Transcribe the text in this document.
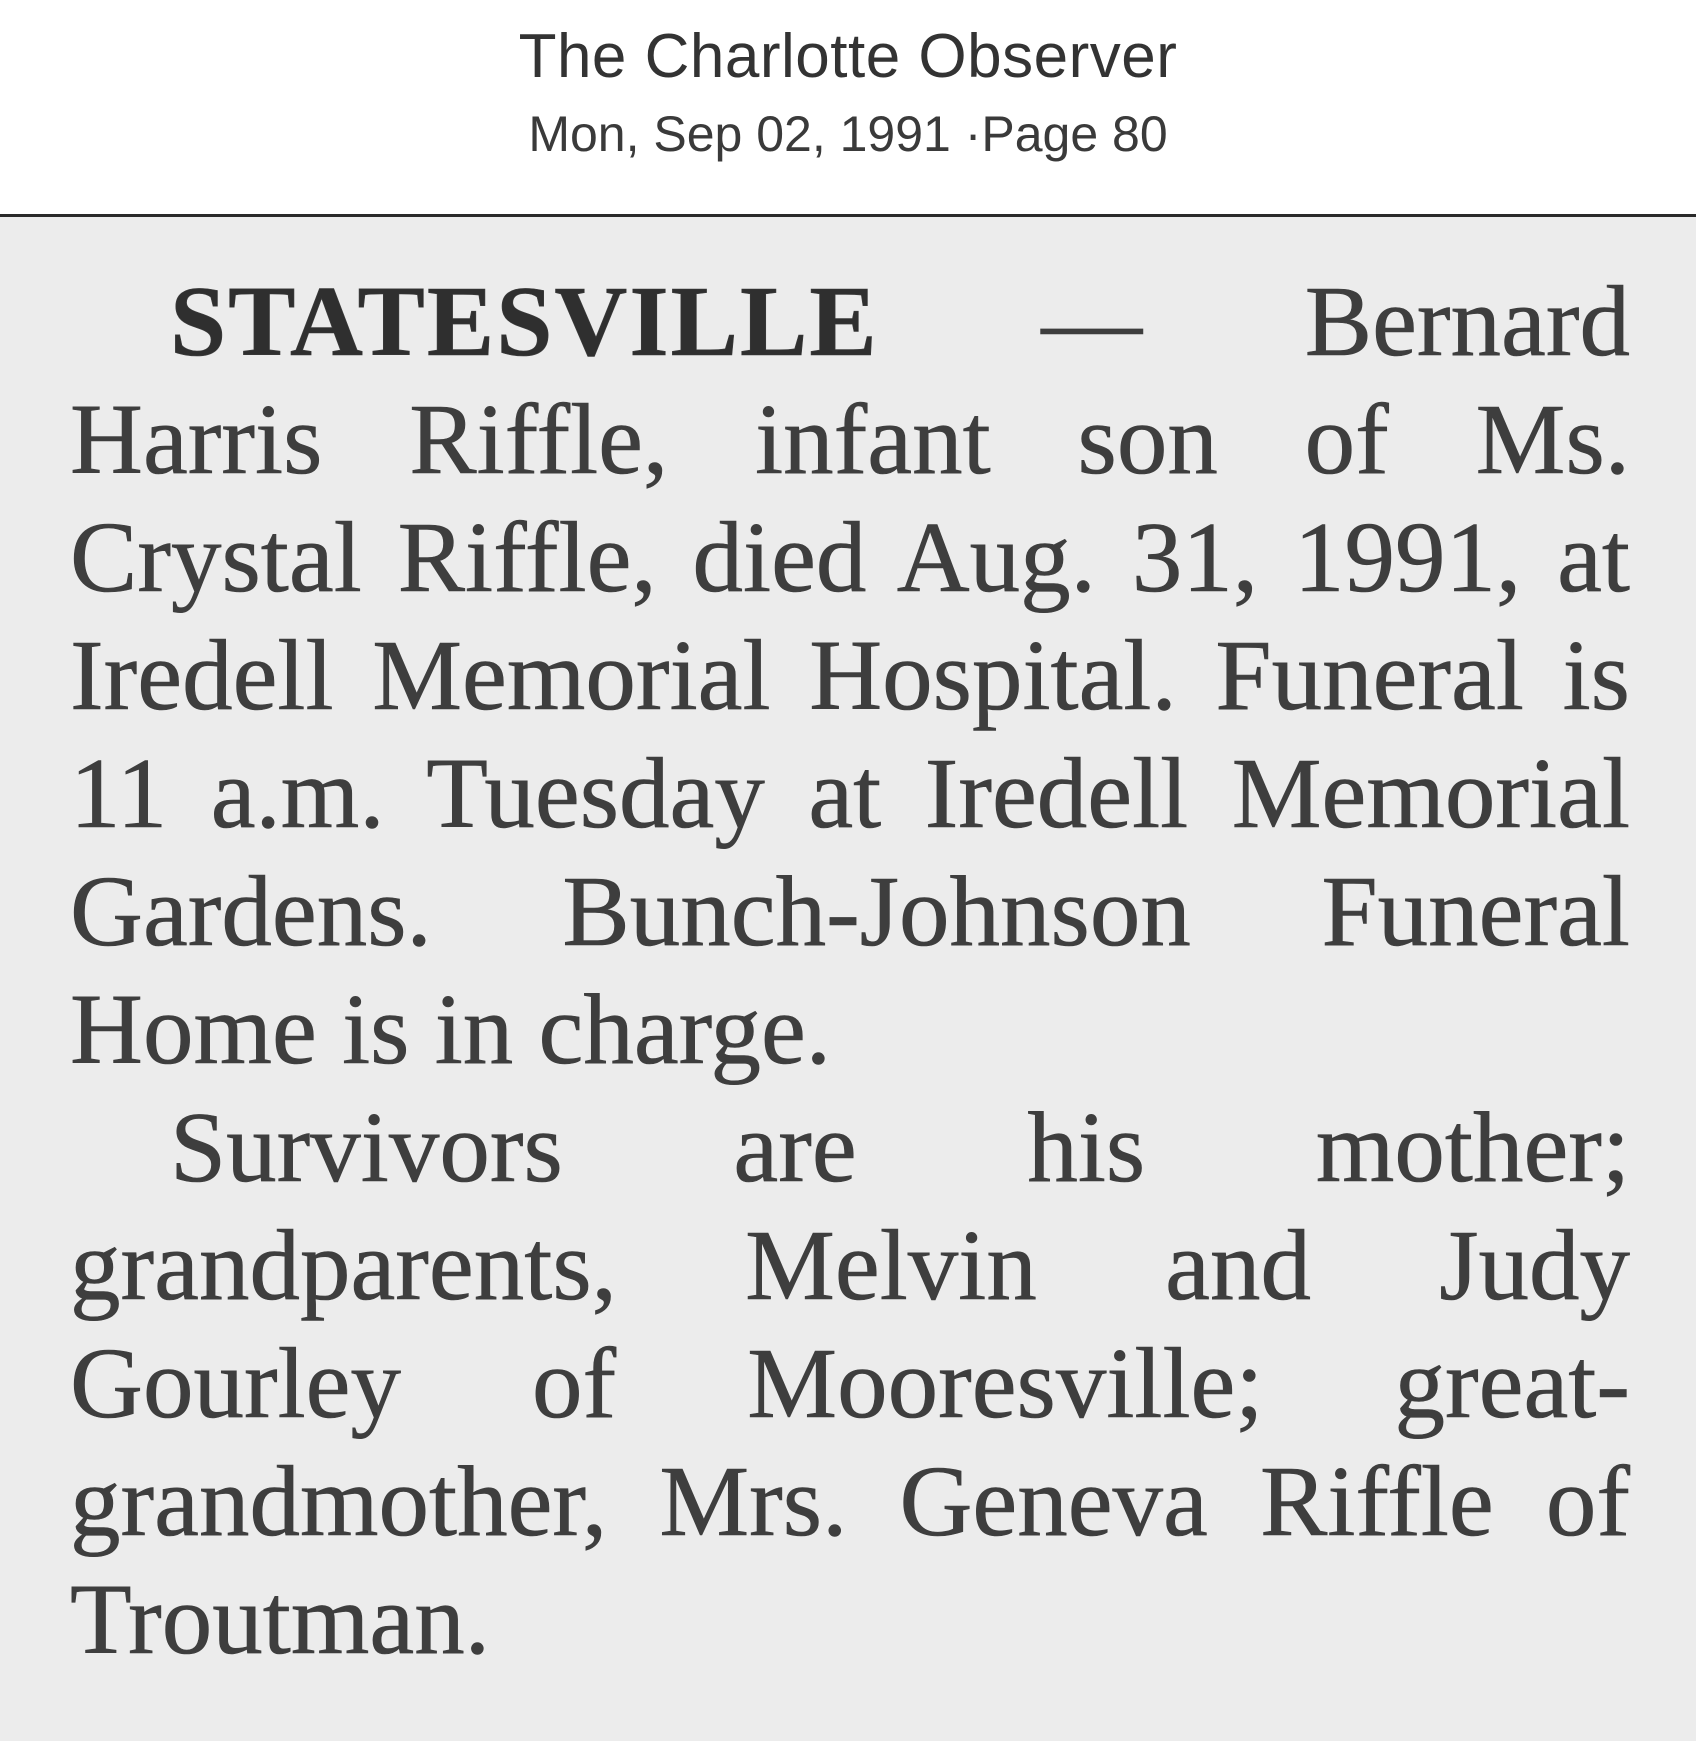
The Charlotte Observer
Mon, Sep 02, 1991 ·Page 80

STATESVILLE — Bernard Harris Riffle, infant son of Ms. Crystal Riffle, died Aug. 31, 1991, at Iredell Memorial Hospital. Funeral is 11 a.m. Tuesday at Iredell Memorial Gardens. Bunch-Johnson Funeral Home is in charge.

Survivors are his mother; grandparents, Melvin and Judy Gourley of Mooresville; great-grandmother, Mrs. Geneva Riffle of Troutman.
